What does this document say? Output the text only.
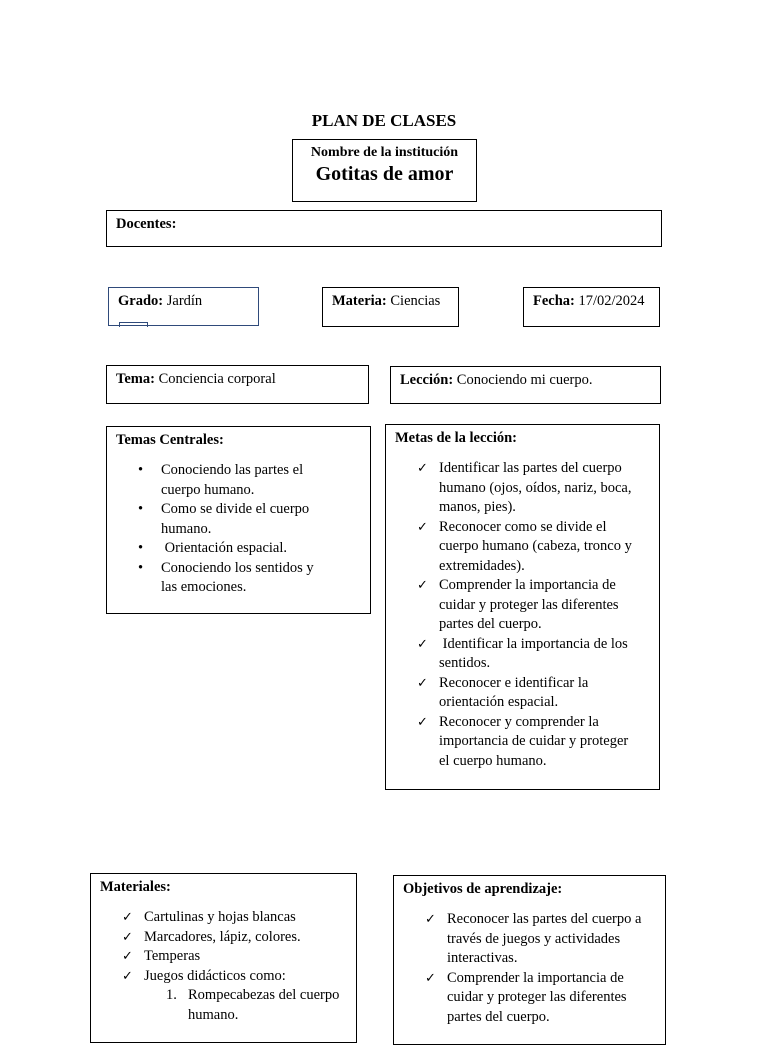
PLAN DE CLASES
Nombre de la institución
Gotitas de amor
Docentes:
Grado: Jardín	Materia: Ciencias	Fecha: 17/02/2024
Tema: Conciencia corporal	Lección: Conociendo mi cuerpo.
Temas Centrales:
• Conociendo las partes el cuerpo humano.
• Como se divide el cuerpo humano.
•  Orientación espacial.
• Conociendo los sentidos y las emociones.
Metas de la lección:
✓ Identificar las partes del cuerpo humano (ojos, oídos, nariz, boca, manos, pies).
✓ Reconocer como se divide el cuerpo humano (cabeza, tronco y extremidades).
✓ Comprender la importancia de cuidar y proteger las diferentes partes del cuerpo.
✓  Identificar la importancia de los sentidos.
✓ Reconocer e identificar la orientación espacial.
✓ Reconocer y comprender la importancia de cuidar y proteger el cuerpo humano.
Materiales:
✓ Cartulinas y hojas blancas
✓ Marcadores, lápiz, colores.
✓ Temperas
✓ Juegos didácticos como:
1. Rompecabezas del cuerpo humano.
Objetivos de aprendizaje:
✓ Reconocer las partes del cuerpo a través de juegos y actividades interactivas.
✓ Comprender la importancia de cuidar y proteger las diferentes partes del cuerpo.
